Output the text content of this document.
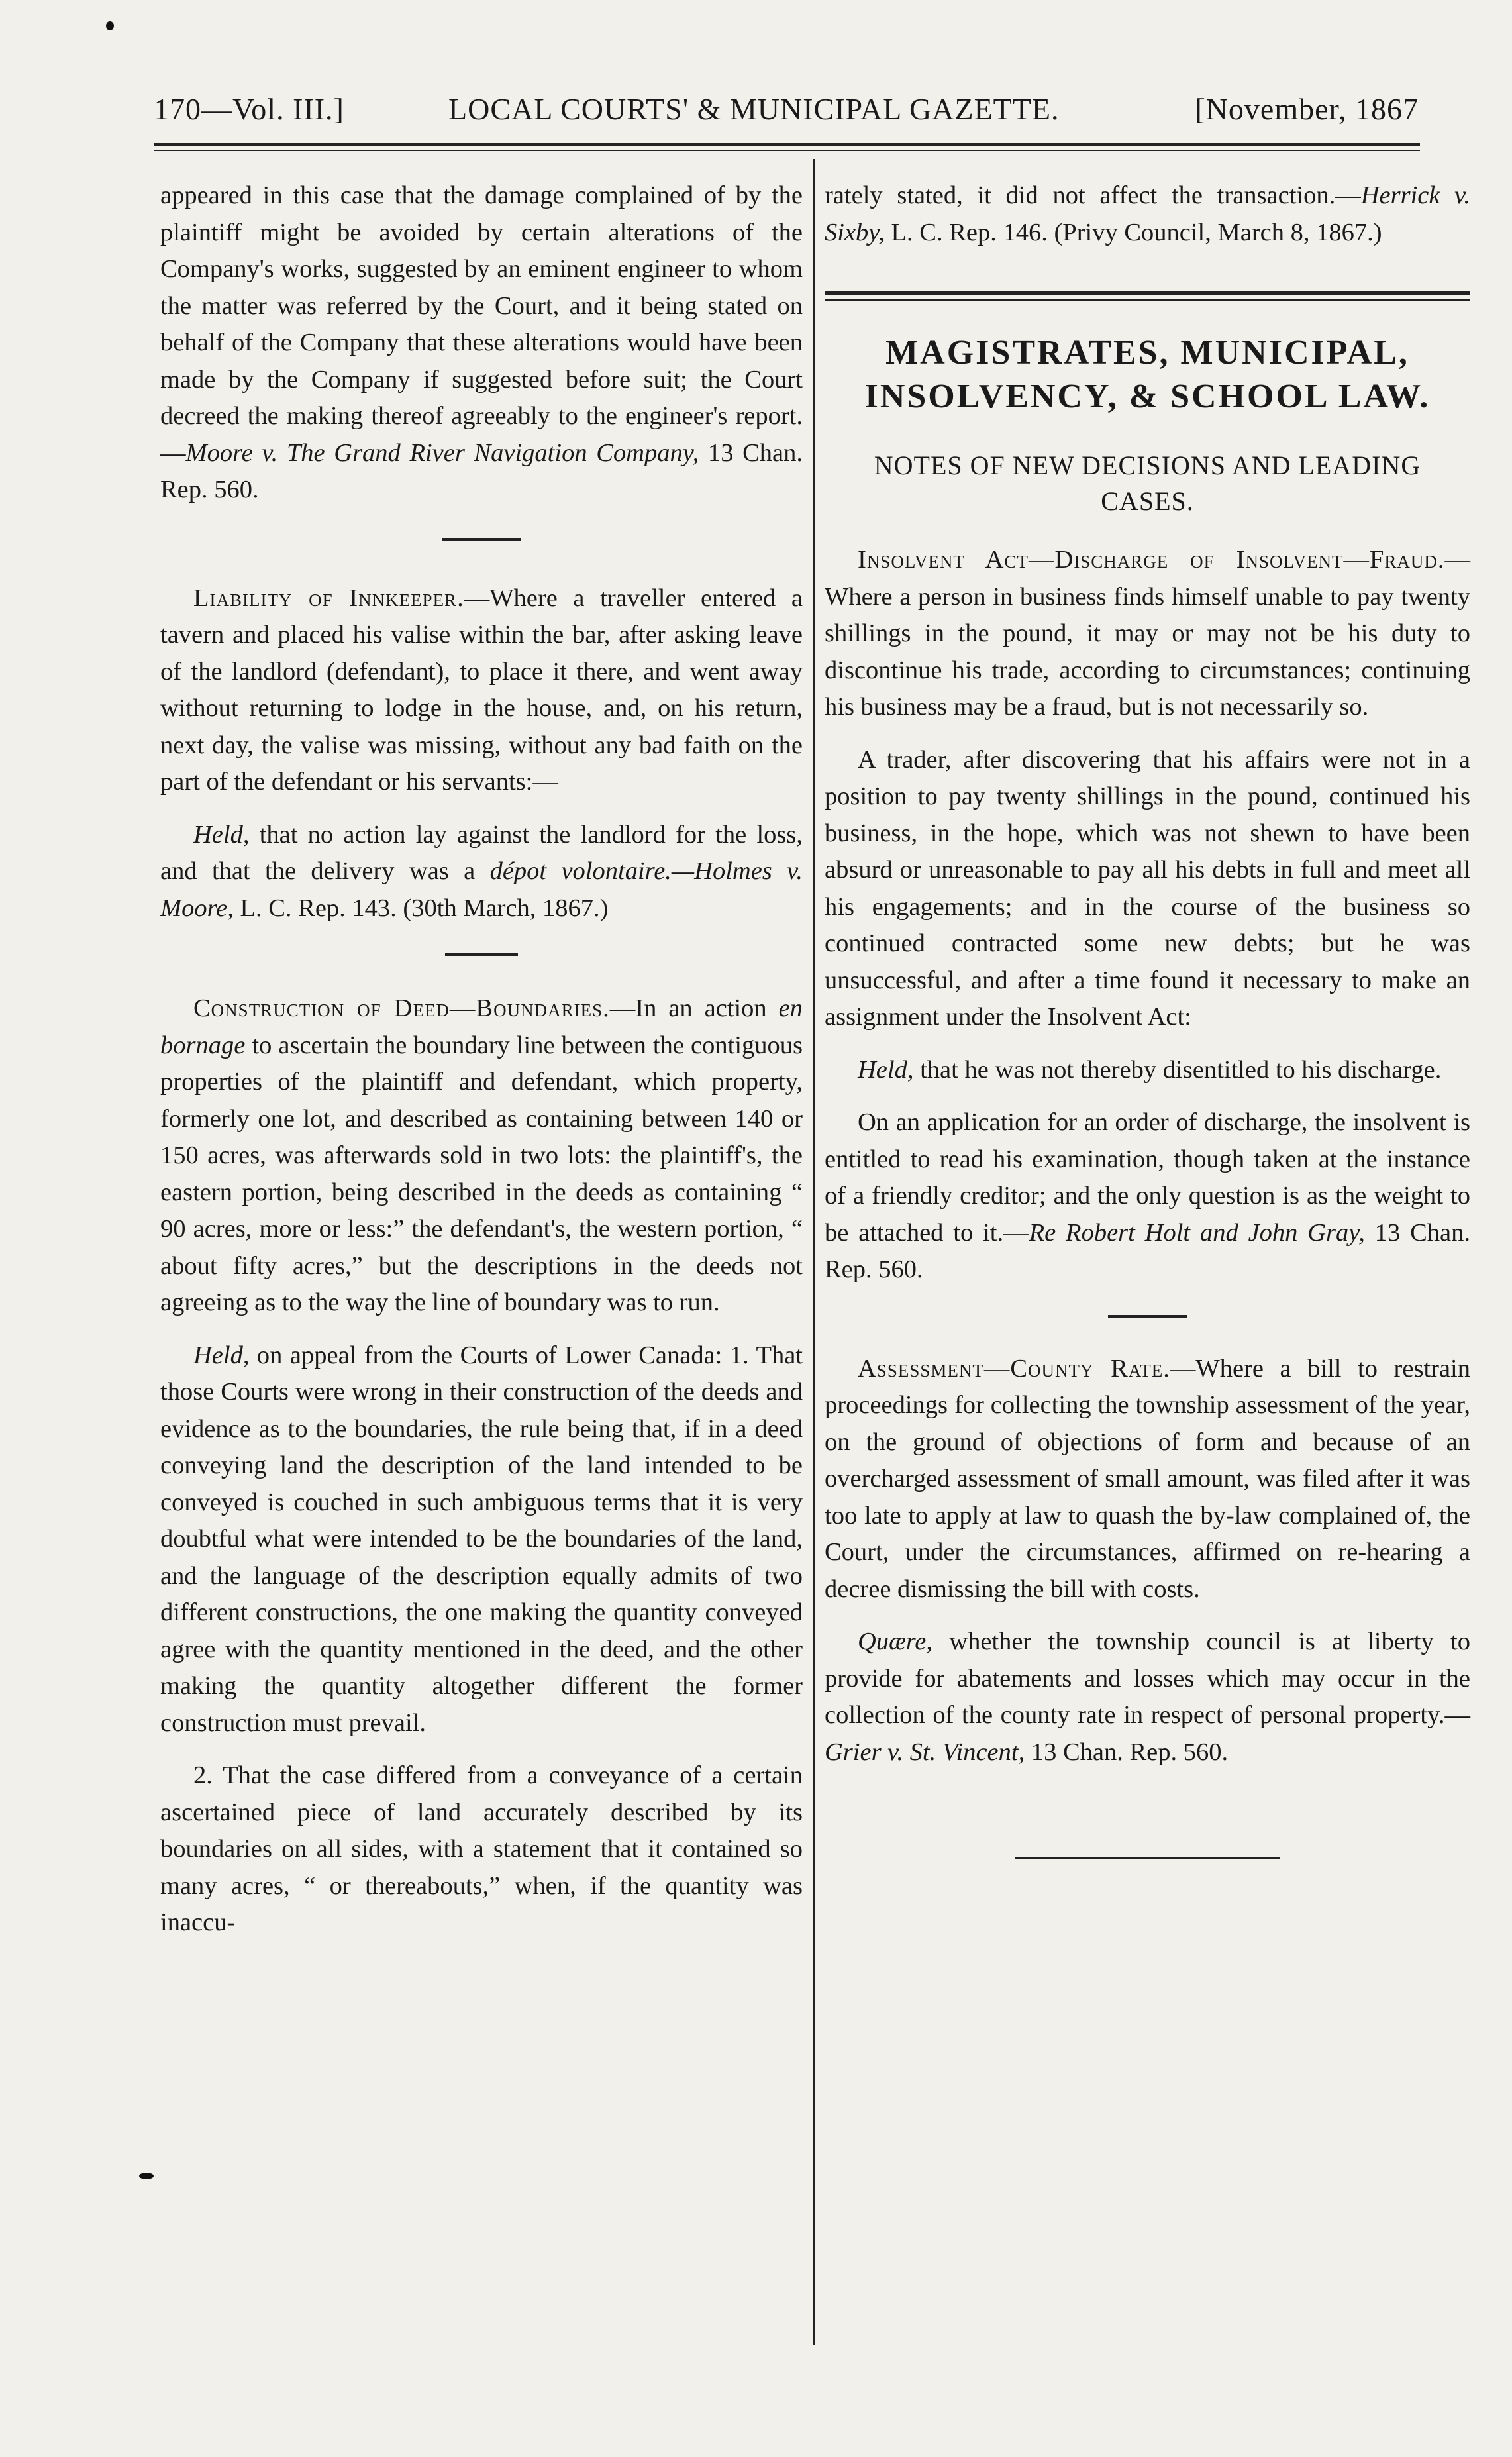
170—Vol. III.]	LOCAL COURTS' & MUNICIPAL GAZETTE.	[November, 1867

appeared in this case that the damage complained of by the plaintiff might be avoided by certain alterations of the Company's works, suggested by an eminent engineer to whom the matter was referred by the Court, and it being stated on behalf of the Company that these alterations would have been made by the Company if suggested before suit; the Court decreed the making thereof agreeably to the engineer's report.—Moore v. The Grand River Navigation Company, 13 Chan. Rep. 560.

Liability of Innkeeper.—Where a traveller entered a tavern and placed his valise within the bar, after asking leave of the landlord (defendant), to place it there, and went away without returning to lodge in the house, and, on his return, next day, the valise was missing, without any bad faith on the part of the defendant or his servants:—

Held, that no action lay against the landlord for the loss, and that the delivery was a dépot volontaire.—Holmes v. Moore, L. C. Rep. 143. (30th March, 1867.)

Construction of Deed—Boundaries.—In an action en bornage to ascertain the boundary line between the contiguous properties of the plaintiff and defendant, which property, formerly one lot, and described as containing between 140 or 150 acres, was afterwards sold in two lots: the plaintiff's, the eastern portion, being described in the deeds as containing “ 90 acres, more or less:” the defendant's, the western portion, “ about fifty acres,” but the descriptions in the deeds not agreeing as to the way the line of boundary was to run.

Held, on appeal from the Courts of Lower Canada: 1. That those Courts were wrong in their construction of the deeds and evidence as to the boundaries, the rule being that, if in a deed conveying land the description of the land intended to be conveyed is couched in such ambiguous terms that it is very doubtful what were intended to be the boundaries of the land, and the language of the description equally admits of two different constructions, the one making the quantity conveyed agree with the quantity mentioned in the deed, and the other making the quantity altogether different the former construction must prevail.

2. That the case differed from a conveyance of a certain ascertained piece of land accurately described by its boundaries on all sides, with a statement that it contained so many acres, “ or thereabouts,” when, if the quantity was inaccu-

rately stated, it did not affect the transaction.—Herrick v. Sixby, L. C. Rep. 146. (Privy Council, March 8, 1867.)

MAGISTRATES, MUNICIPAL, INSOLVENCY, & SCHOOL LAW.
NOTES OF NEW DECISIONS AND LEADING CASES.

Insolvent Act—Discharge of Insolvent—Fraud.—Where a person in business finds himself unable to pay twenty shillings in the pound, it may or may not be his duty to discontinue his trade, according to circumstances; continuing his business may be a fraud, but is not necessarily so.

A trader, after discovering that his affairs were not in a position to pay twenty shillings in the pound, continued his business, in the hope, which was not shewn to have been absurd or unreasonable to pay all his debts in full and meet all his engagements; and in the course of the business so continued contracted some new debts; but he was unsuccessful, and after a time found it necessary to make an assignment under the Insolvent Act:

Held, that he was not thereby disentitled to his discharge.

On an application for an order of discharge, the insolvent is entitled to read his examination, though taken at the instance of a friendly creditor; and the only question is as the weight to be attached to it.—Re Robert Holt and John Gray, 13 Chan. Rep. 560.

Assessment—County Rate.—Where a bill to restrain proceedings for collecting the township assessment of the year, on the ground of objections of form and because of an overcharged assessment of small amount, was filed after it was too late to apply at law to quash the by-law complained of, the Court, under the circumstances, affirmed on re-hearing a decree dismissing the bill with costs.

Quære, whether the township council is at liberty to provide for abatements and losses which may occur in the collection of the county rate in respect of personal property.—Grier v. St. Vincent, 13 Chan. Rep. 560.
